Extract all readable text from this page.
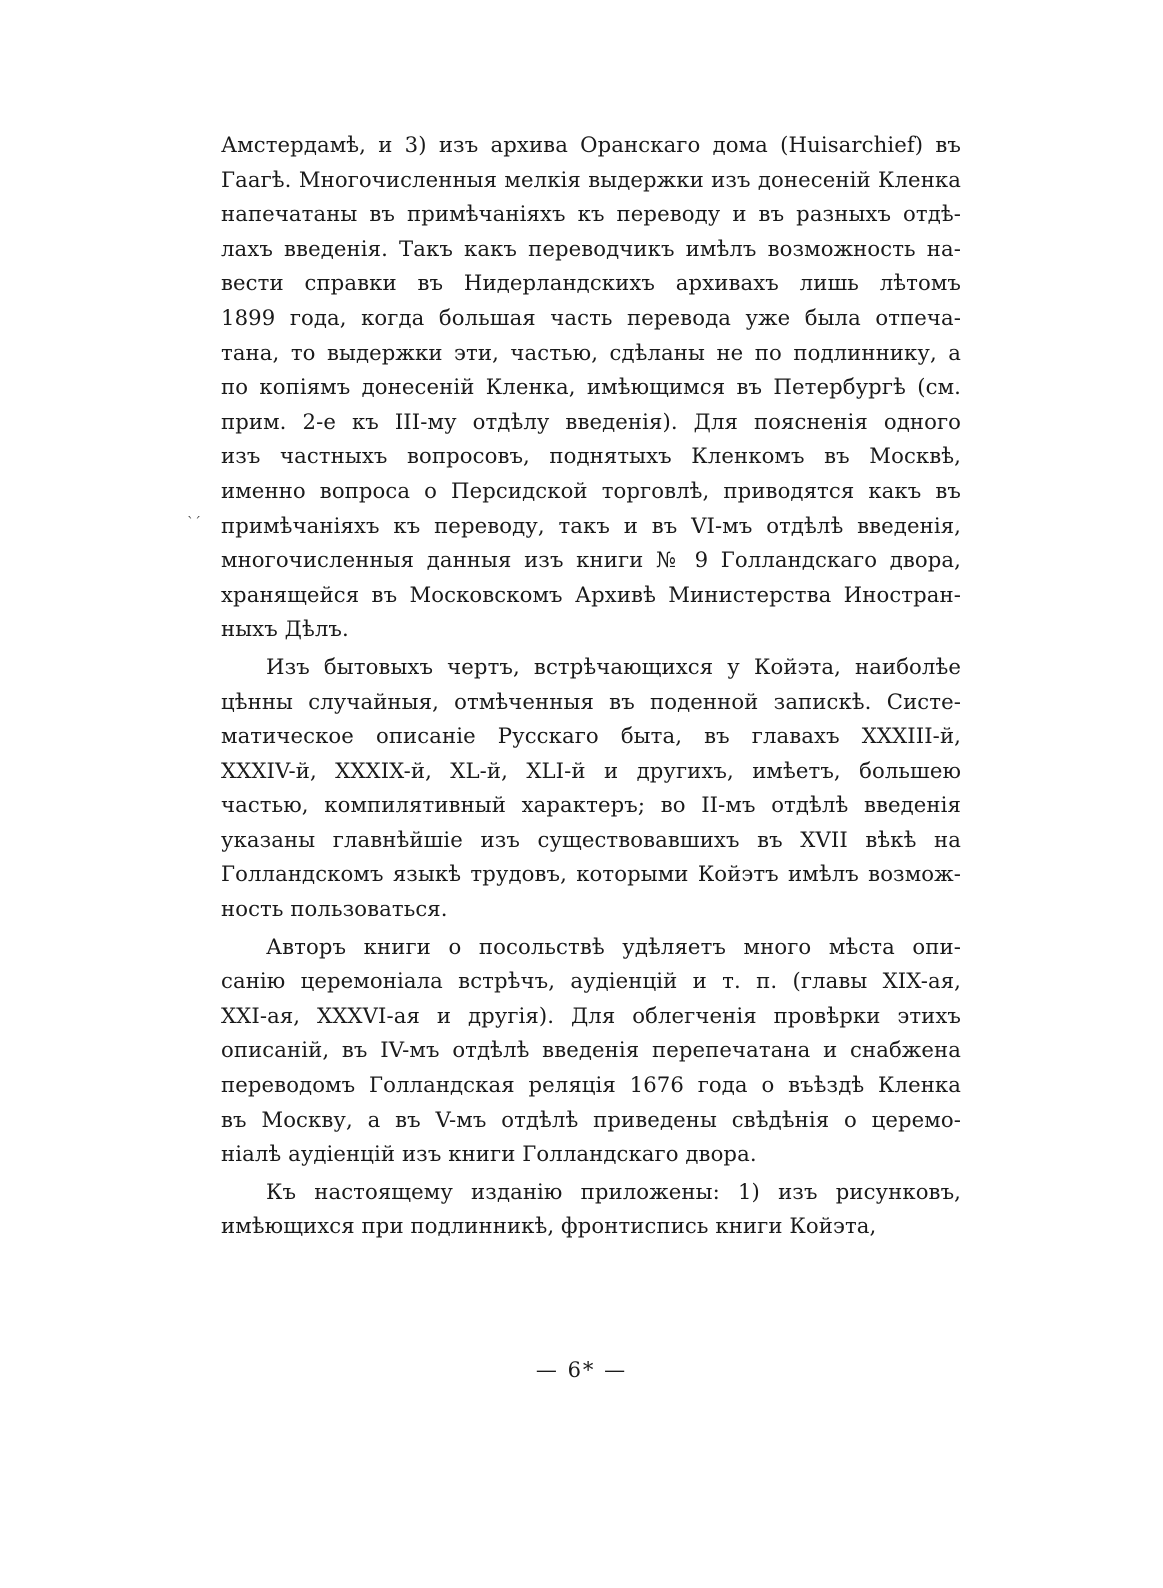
ˋˊ
Амстердамѣ, и 3) изъ архива Оранскаго дома (Huisarchief) въ
Гаагѣ. Многочисленныя мелкія выдержки изъ донесеній Кленка
напечатаны въ примѣчаніяхъ къ переводу и въ разныхъ отдѣ-
лахъ введенія. Такъ какъ переводчикъ имѣлъ возможность на-
вести справки въ Нидерландскихъ архивахъ лишь лѣтомъ
1899 года, когда большая часть перевода уже была отпеча-
тана, то выдержки эти, частью, сдѣланы не по подлиннику, а
по копіямъ донесеній Кленка, имѣющимся въ Петербургѣ (см.
прим. 2-е къ III-му отдѣлу введенія). Для поясненія одного
изъ частныхъ вопросовъ, поднятыхъ Кленкомъ въ Москвѣ,
именно вопроса о Персидской торговлѣ, приводятся какъ въ
примѣчаніяхъ къ переводу, такъ и въ VI-мъ отдѣлѣ введенія,
многочисленныя данныя изъ книги № 9 Голландскаго двора,
хранящейся въ Московскомъ Архивѣ Министерства Иностран-
ныхъ Дѣлъ.
Изъ бытовыхъ чертъ, встрѣчающихся у Койэта, наиболѣе
цѣнны случайныя, отмѣченныя въ поденной запискѣ. Систе-
матическое описаніе Русскаго быта, въ главахъ XXXIII-й,
XXXIV-й, XXXIX-й, XL-й, XLI-й и другихъ, имѣетъ, большею
частью, компилятивный характеръ; во II-мъ отдѣлѣ введенія
указаны главнѣйшіе изъ существовавшихъ въ XVII вѣкѣ на
Голландскомъ языкѣ трудовъ, которыми Койэтъ имѣлъ возмож-
ность пользоваться.
Авторъ книги о посольствѣ удѣляетъ много мѣста опи-
санію церемоніала встрѣчъ, аудіенцій и т. п. (главы XIX-ая,
XXI-ая, XXXVI-ая и другія). Для облегченія провѣрки этихъ
описаній, въ IV-мъ отдѣлѣ введенія перепечатана и снабжена
переводомъ Голландская реляція 1676 года о въѣздѣ Кленка
въ Москву, а въ V-мъ отдѣлѣ приведены свѣдѣнія о церемо-
ніалѣ аудіенцій изъ книги Голландскаго двора.
Къ настоящему изданію приложены: 1) изъ рисунковъ,
имѣющихся при подлинникѣ, фронтиспись книги Койэта,
— 6* —
